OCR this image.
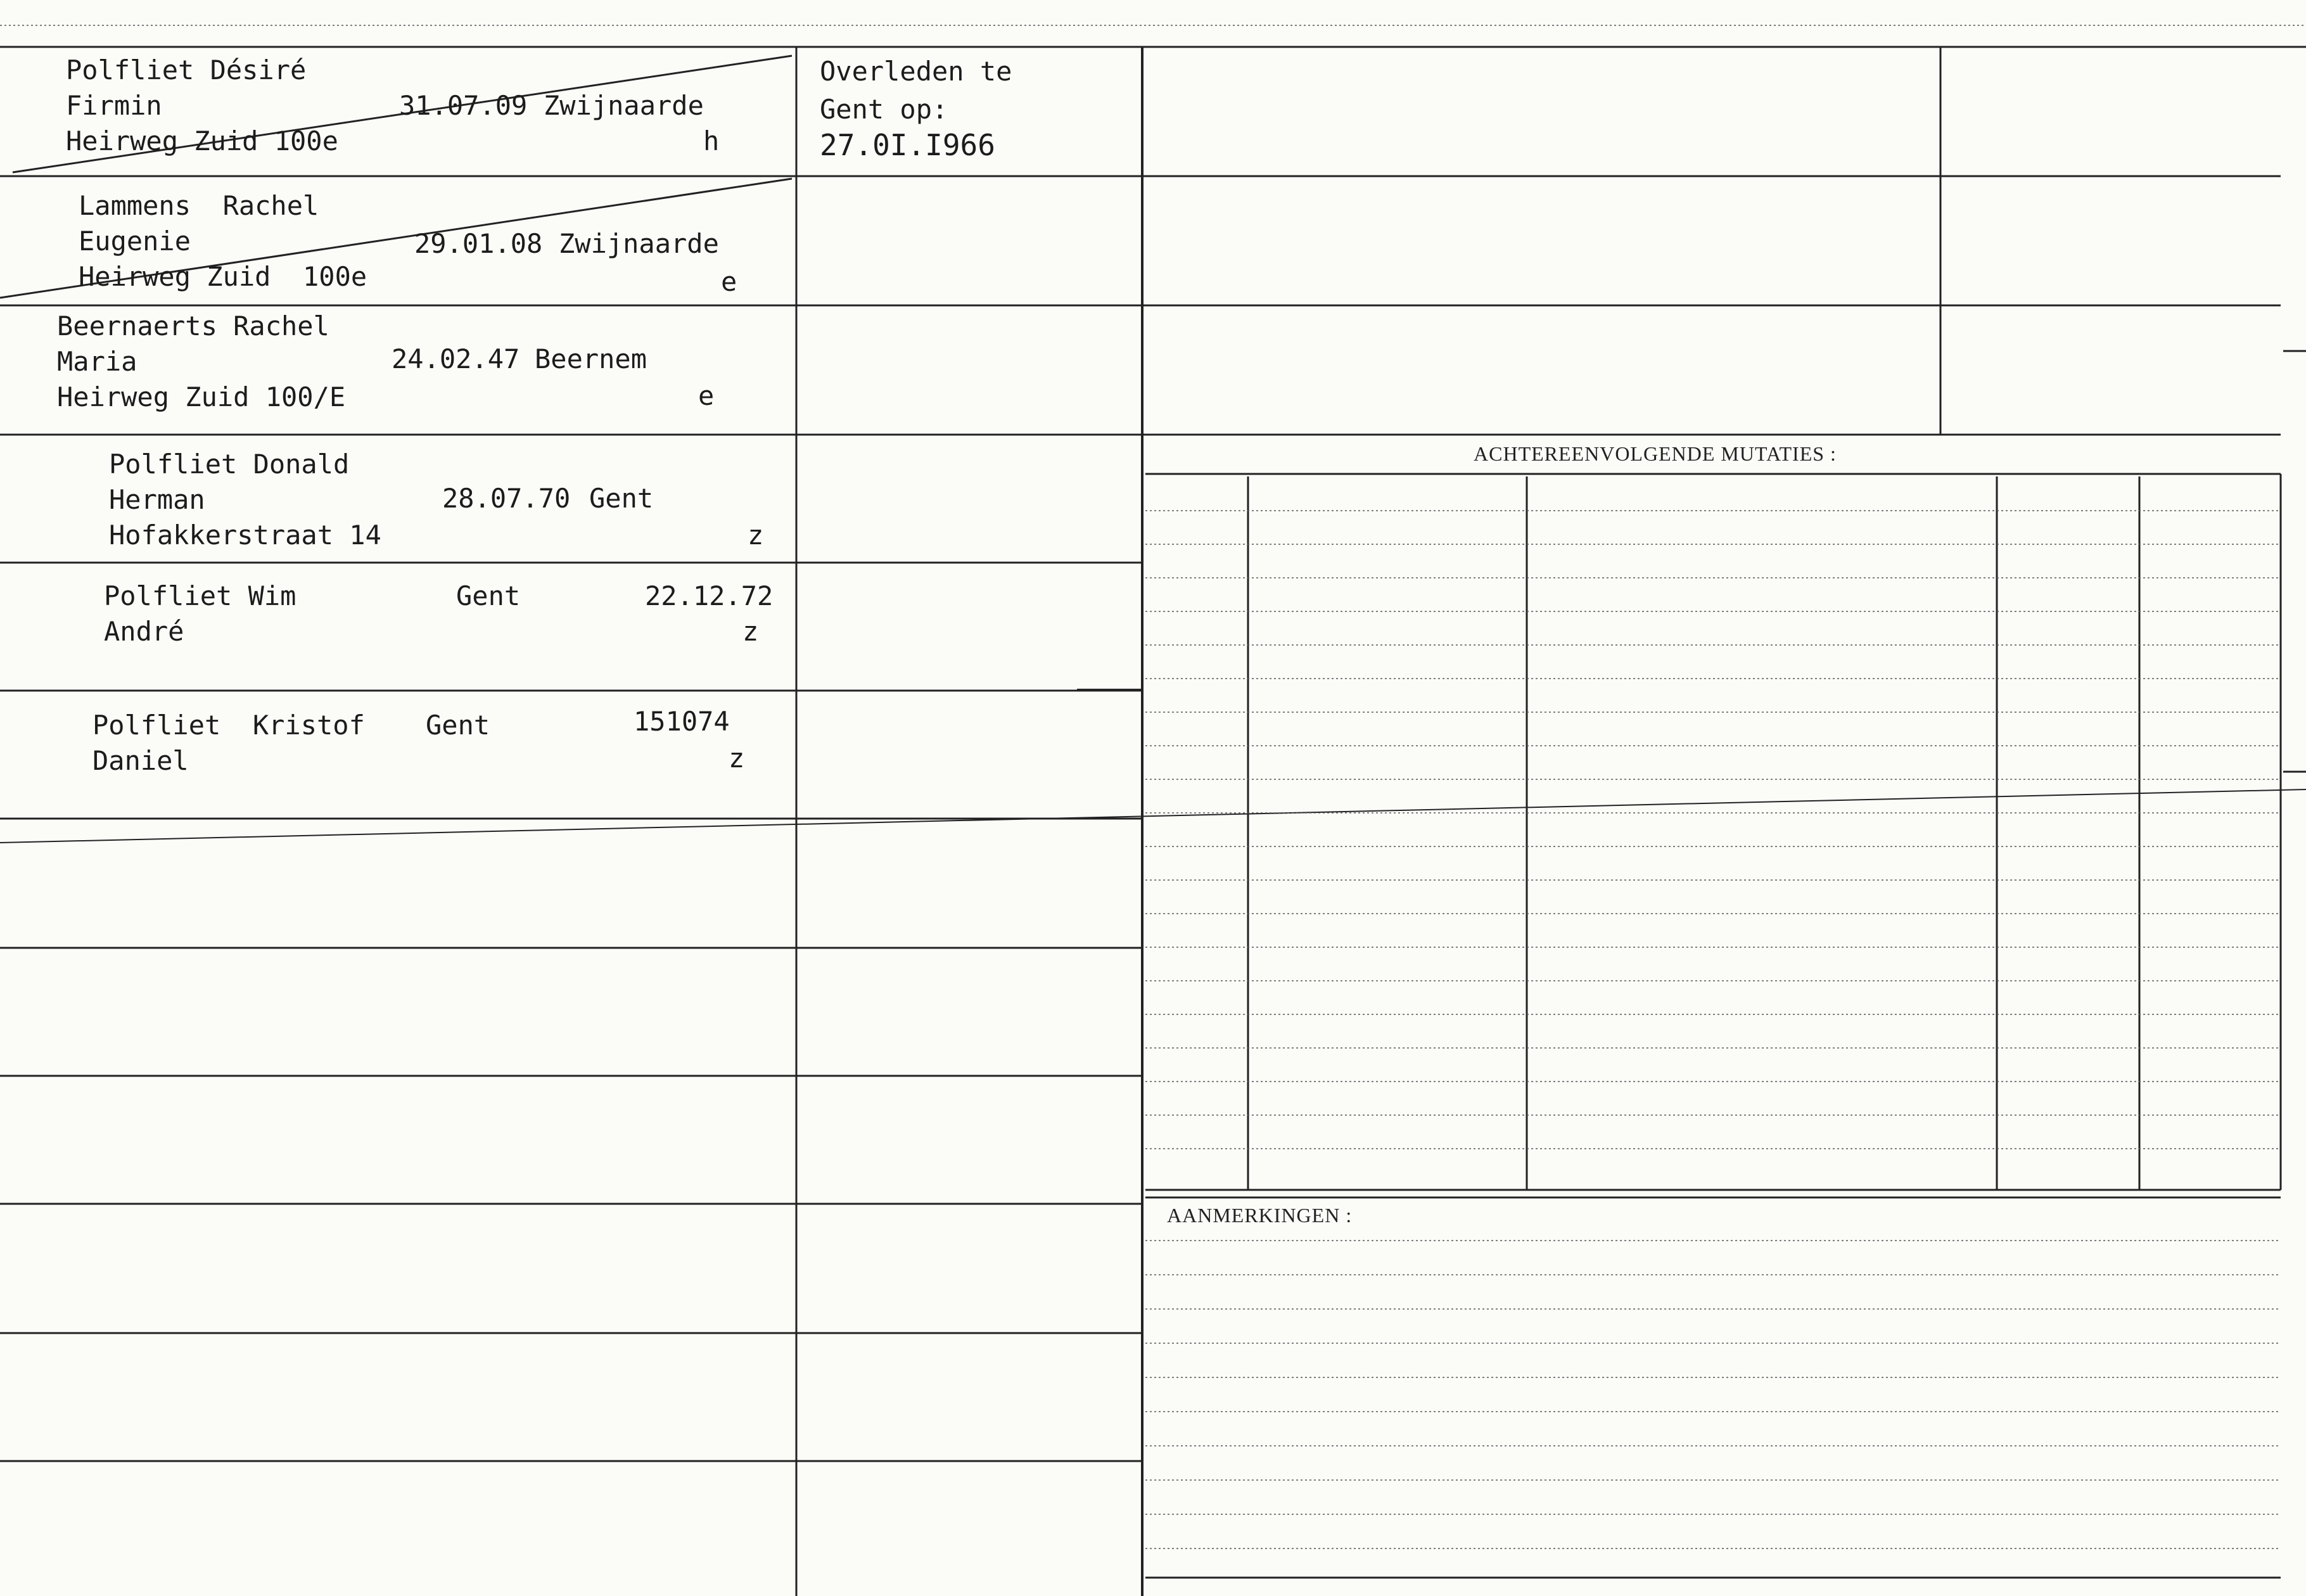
Polfliet Désiré
Firmin
Heirweg Zuid 100e
31.07.09 Zwijnaarde
h
Lammens  Rachel
Eugenie
Heirweg Zuid  100e
29.01.08 Zwijnaarde
e
Beernaerts Rachel
Maria
Heirweg Zuid 100/E
24.02.47 Beernem
e
Polfliet Donald
Herman
Hofakkerstraat 14
28.07.70 Gent
z
Polfliet Wim
André
Gent	22.12.72
z
Polfliet  Kristof
Daniel
Gent	151074
z
Overleden te
Gent op:
27.0I.I966
ACHTEREENVOLGENDE MUTATIES :
AANMERKINGEN :
